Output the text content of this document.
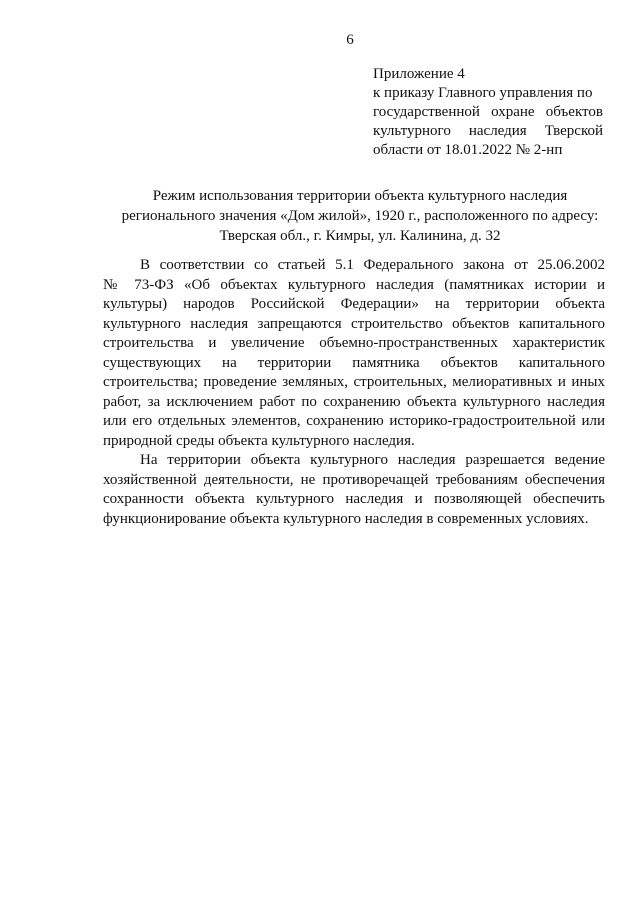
6
Приложение 4
к приказу Главного управления по
государственной охране объектов
культурного наследия Тверской
области от 18.01.2022 № 2-нп
Режим использования территории объекта культурного наследия
регионального значения «Дом жилой», 1920 г., расположенного по адресу:
Тверская обл., г. Кимры, ул. Калинина, д. 32
В соответствии со статьей 5.1 Федерального закона от 25.06.2002
№ 73-ФЗ «Об объектах культурного наследия (памятниках истории и
культуры) народов Российской Федерации» на территории объекта
культурного наследия запрещаются строительство объектов капитального
строительства и увеличение объемно-пространственных характеристик
существующих на территории памятника объектов капитального
строительства; проведение земляных, строительных, мелиоративных и иных
работ, за исключением работ по сохранению объекта культурного наследия
или его отдельных элементов, сохранению историко-градостроительной или
природной среды объекта культурного наследия.
На территории объекта культурного наследия разрешается ведение
хозяйственной деятельности, не противоречащей требованиям обеспечения
сохранности объекта культурного наследия и позволяющей обеспечить
функционирование объекта культурного наследия в современных условиях.
